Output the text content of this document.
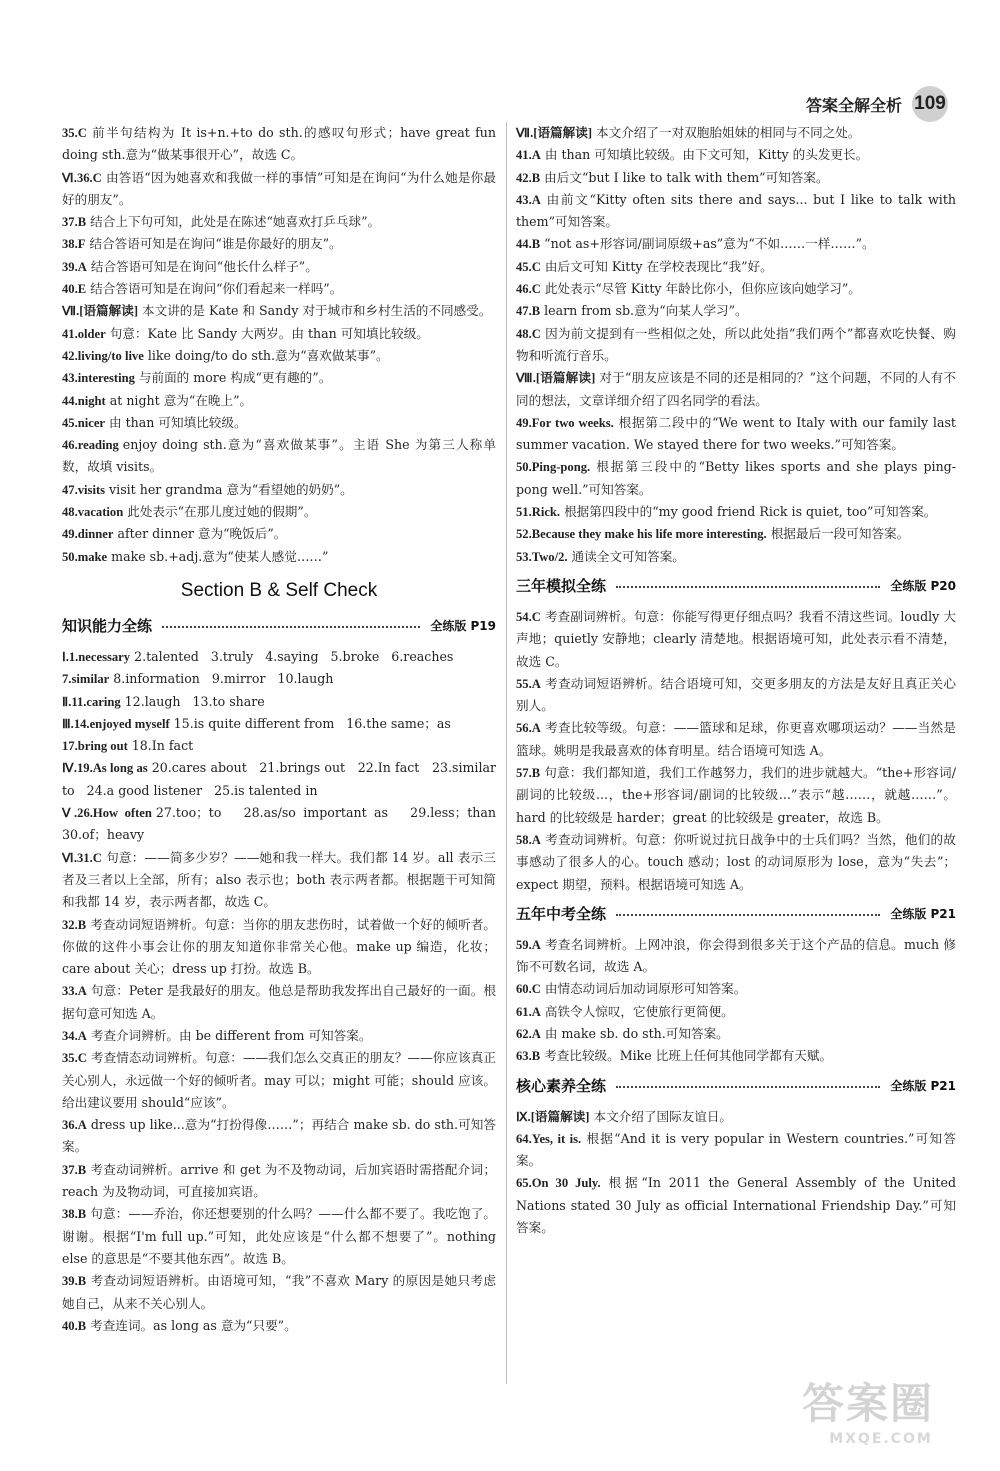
答案全解全析 109
35.C 前半句结构为 It is+n.+to do sth.的感叹句形式；have great fun doing sth.意为“做某事很开心”，故选 C。
Ⅵ.36.C 由答语“因为她喜欢和我做一样的事情”可知是在询问“为什么她是你最好的朋友”。
37.B 结合上下句可知，此处是在陈述“她喜欢打乒乓球”。
38.F 结合答语可知是在询问“谁是你最好的朋友”。
39.A 结合答语可知是在询问“他长什么样子”。
40.E 结合答语可知是在询问“你们看起来一样吗”。
Ⅶ.[语篇解读] 本文讲的是 Kate 和 Sandy 对于城市和乡村生活的不同感受。
41.older 句意：Kate 比 Sandy 大两岁。由 than 可知填比较级。
42.living/to live like doing/to do sth.意为“喜欢做某事”。
43.interesting 与前面的 more 构成“更有趣的”。
44.night at night 意为“在晚上”。
45.nicer 由 than 可知填比较级。
46.reading enjoy doing sth.意为“喜欢做某事”。主语 She 为第三人称单数，故填 visits。
47.visits visit her grandma 意为“看望她的奶奶”。
48.vacation 此处表示“在那儿度过她的假期”。
49.dinner after dinner 意为“晚饭后”。
50.make make sb.+adj.意为“使某人感觉……”
Section B & Self Check
知识能力全练	全练版 P19
Ⅰ.1.necessary 2.talented   3.truly   4.saying   5.broke   6.reaches
7.similar 8.information   9.mirror   10.laugh
Ⅱ.11.caring 12.laugh   13.to share
Ⅲ.14.enjoyed myself 15.is quite different from   16.the same；as
17.bring out 18.In fact
Ⅳ.19.As long as 20.cares about   21.brings out   22.In fact   23.similar to   24.a good listener   25.is talented in
Ⅴ.26.How often 27.too；to   28.as/so important as   29.less；than   30.of；heavy
Ⅵ.31.C 句意：——简多少岁？——她和我一样大。我们都 14 岁。all 表示三者及三者以上全部，所有；also 表示也；both 表示两者都。根据题干可知简和我都 14 岁，表示两者都，故选 C。
32.B 考查动词短语辨析。句意：当你的朋友悲伤时，试着做一个好的倾听者。你做的这件小事会让你的朋友知道你非常关心他。make up 编造，化妆；care about 关心；dress up 打扮。故选 B。
33.A 句意：Peter 是我最好的朋友。他总是帮助我发挥出自己最好的一面。根据句意可知选 A。
34.A 考查介词辨析。由 be different from 可知答案。
35.C 考查情态动词辨析。句意：——我们怎么交真正的朋友？——你应该真正关心别人，永远做一个好的倾听者。may 可以；might 可能；should 应该。给出建议要用 should“应该”。
36.A dress up like...意为“打扮得像……”；再结合 make sb. do sth.可知答案。
37.B 考查动词辨析。arrive 和 get 为不及物动词，后加宾语时需搭配介词；reach 为及物动词，可直接加宾语。
38.B 句意：——乔治，你还想要别的什么吗？——什么都不要了。我吃饱了。谢谢。根据“I'm full up.”可知，此处应该是“什么都不想要了”。nothing else 的意思是“不要其他东西”。故选 B。
39.B 考查动词短语辨析。由语境可知，“我”不喜欢 Mary 的原因是她只考虑她自己，从来不关心别人。
40.B 考查连词。as long as 意为“只要”。
Ⅶ.[语篇解读] 本文介绍了一对双胞胎姐妹的相同与不同之处。
41.A 由 than 可知填比较级。由下文可知，Kitty 的头发更长。
42.B 由后文“but I like to talk with them”可知答案。
43.A 由前文“Kitty often sits there and says... but I like to talk with them”可知答案。
44.B “not as+形容词/副词原级+as”意为“不如……一样……”。
45.C 由后文可知 Kitty 在学校表现比“我”好。
46.C 此处表示“尽管 Kitty 年龄比你小，但你应该向她学习”。
47.B learn from sb.意为“向某人学习”。
48.C 因为前文提到有一些相似之处，所以此处指“我们两个”都喜欢吃快餐、购物和听流行音乐。
Ⅷ.[语篇解读] 对于“朋友应该是不同的还是相同的？”这个问题，不同的人有不同的想法，文章详细介绍了四名同学的看法。
49.For two weeks. 根据第二段中的“We went to Italy with our family last summer vacation. We stayed there for two weeks.”可知答案。
50.Ping-pong. 根据第三段中的“Betty likes sports and she plays ping-pong well.”可知答案。
51.Rick. 根据第四段中的“my good friend Rick is quiet, too”可知答案。
52.Because they make his life more interesting. 根据最后一段可知答案。
53.Two/2. 通读全文可知答案。
三年模拟全练	全练版 P20
54.C 考查副词辨析。句意：你能写得更仔细点吗？我看不清这些词。loudly 大声地；quietly 安静地；clearly 清楚地。根据语境可知，此处表示看不清楚，故选 C。
55.A 考查动词短语辨析。结合语境可知，交更多朋友的方法是友好且真正关心别人。
56.A 考查比较等级。句意：——篮球和足球，你更喜欢哪项运动？——当然是篮球。姚明是我最喜欢的体育明星。结合语境可知选 A。
57.B 句意：我们都知道，我们工作越努力，我们的进步就越大。“the+形容词/副词的比较级...，the+形容词/副词的比较级...”表示“越……，就越……”。hard 的比较级是 harder；great 的比较级是 greater，故选 B。
58.A 考查动词辨析。句意：你听说过抗日战争中的士兵们吗？当然，他们的故事感动了很多人的心。touch 感动；lost 的动词原形为 lose，意为“失去”；expect 期望，预料。根据语境可知选 A。
五年中考全练	全练版 P21
59.A 考查名词辨析。上网冲浪，你会得到很多关于这个产品的信息。much 修饰不可数名词，故选 A。
60.C 由情态动词后加动词原形可知答案。
61.A 高铁令人惊叹，它使旅行更简便。
62.A 由 make sb. do sth.可知答案。
63.B 考查比较级。Mike 比班上任何其他同学都有天赋。
核心素养全练	全练版 P21
Ⅸ.[语篇解读] 本文介绍了国际友谊日。
64.Yes, it is. 根据“And it is very popular in Western countries.”可知答案。
65.On 30 July. 根据“In 2011 the General Assembly of the United Nations stated 30 July as official International Friendship Day.”可知答案。
答案圈
MXQE.COM
